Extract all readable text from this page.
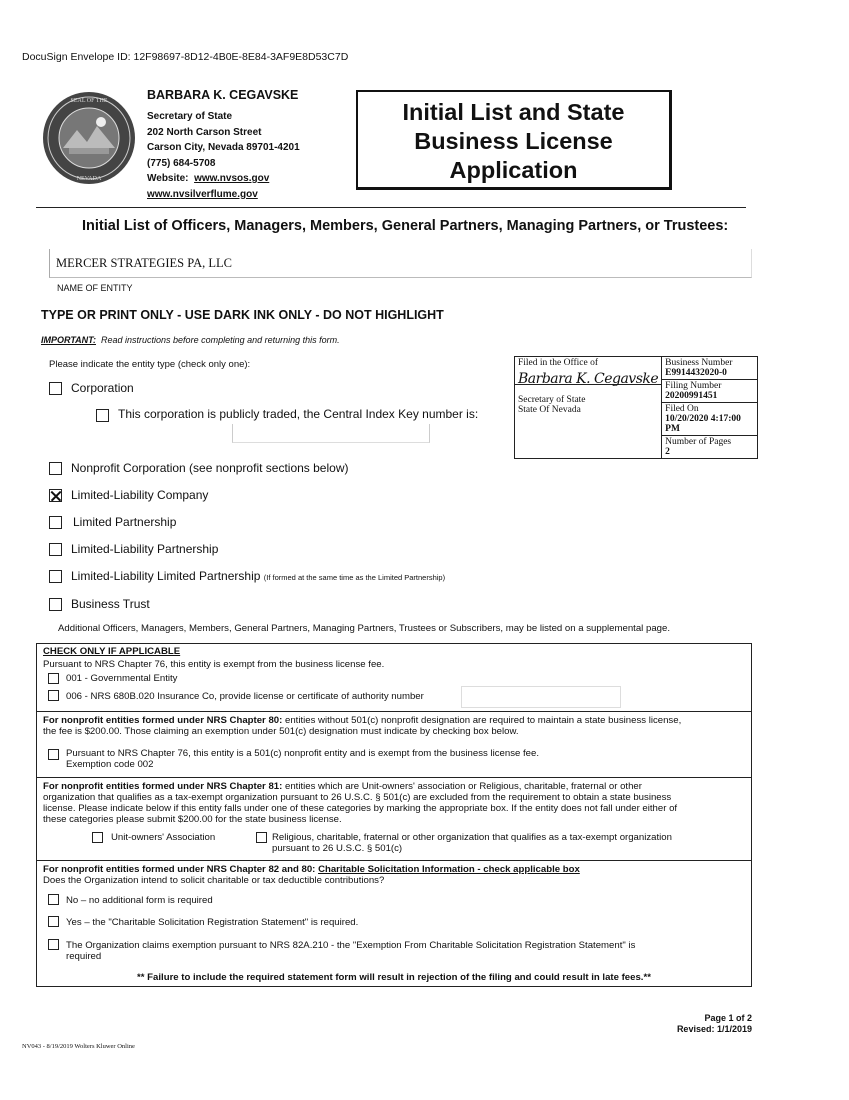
DocuSign Envelope ID: 12F98697-8D12-4B0E-8E84-3AF9E8D53C7D
SEAL OF THE
NEVADA
BARBARA K. CEGAVSKE
Secretary of State
202 North Carson Street
Carson City, Nevada 89701-4201
(775) 684-5708
Website: www.nvsos.gov
www.nvsilverflume.gov
Initial List and State
Business License
Application
Initial List of Officers, Managers, Members, General Partners, Managing Partners, or Trustees:
MERCER STRATEGIES PA, LLC
NAME OF ENTITY
TYPE OR PRINT ONLY - USE DARK INK ONLY - DO NOT HIGHLIGHT
IMPORTANT: Read instructions before completing and returning this form.
Please indicate the entity type (check only one):
Corporation
This corporation is publicly traded, the Central Index Key number is:
Nonprofit Corporation (see nonprofit sections below)
Limited-Liability Company
Limited Partnership
Limited-Liability Partnership
Limited-Liability Limited Partnership (If formed at the same time as the Limited Partnership)
Business Trust
Filed in the Office of
Barbara K. Cegavske
Secretary of State
State Of Nevada

Business Number
E9914432020-0

Filing Number
20200991451

Filed On
10/20/2020 4:17:00 PM

Number of Pages
2
Additional Officers, Managers, Members, General Partners, Managing Partners, Trustees or Subscribers, may be listed on a supplemental page.
CHECK ONLY IF APPLICABLE
Pursuant to NRS Chapter 76, this entity is exempt from the business license fee.
001 - Governmental Entity
006 - NRS 680B.020 Insurance Co, provide license or certificate of authority number
For nonprofit entities formed under NRS Chapter 80: entities without 501(c) nonprofit designation are required to maintain a state business license,
the fee is $200.00. Those claiming an exemption under 501(c) designation must indicate by checking box below.
Pursuant to NRS Chapter 76, this entity is a 501(c) nonprofit entity and is exempt from the business license fee.
Exemption code 002
For nonprofit entities formed under NRS Chapter 81: entities which are Unit-owners' association or Religious, charitable, fraternal or other
organization that qualifies as a tax-exempt organization pursuant to 26 U.S.C. § 501(c) are excluded from the requirement to obtain a state business
license. Please indicate below if this entity falls under one of these categories by marking the appropriate box. If the entity does not fall under either of
these categories please submit $200.00 for the state business license.
Unit-owners' Association	Religious, charitable, fraternal or other organization that qualifies as a tax-exempt organization
pursuant to 26 U.S.C. § 501(c)
For nonprofit entities formed under NRS Chapter 82 and 80: Charitable Solicitation Information - check applicable box
Does the Organization intend to solicit charitable or tax deductible contributions?
No – no additional form is required
Yes – the "Charitable Solicitation Registration Statement" is required.
The Organization claims exemption pursuant to NRS 82A.210 - the "Exemption From Charitable Solicitation Registration Statement" is
required
** Failure to include the required statement form will result in rejection of the filing and could result in late fees.**
Page 1 of 2
Revised: 1/1/2019
NV043 - 8/19/2019 Wolters Kluwer Online
